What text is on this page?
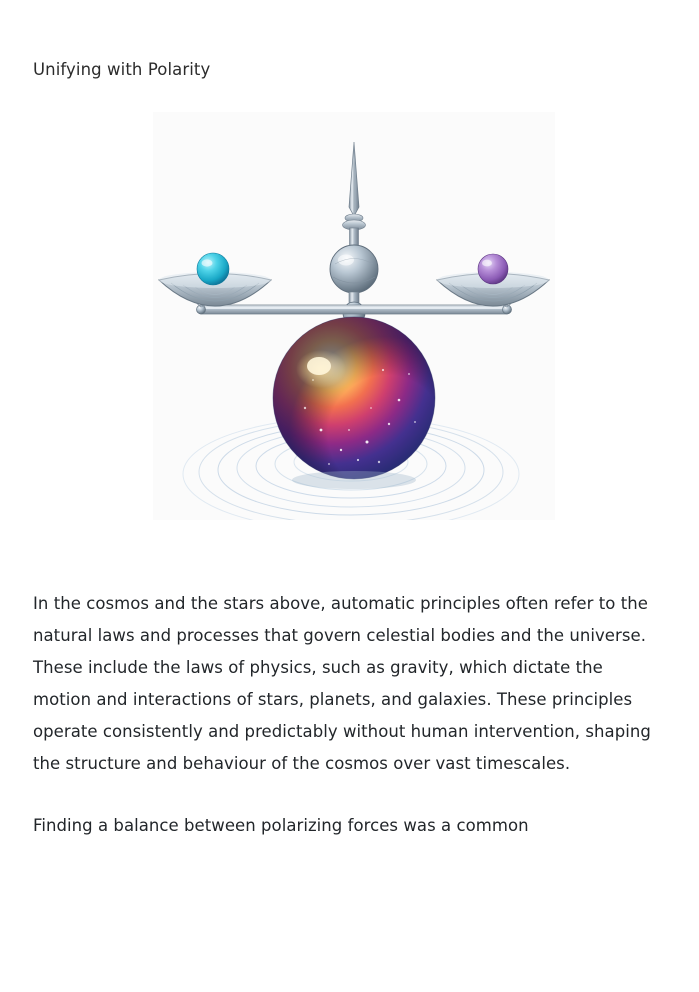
Unifying with Polarity

In the cosmos and the stars above, automatic principles often refer to the natural laws and processes that govern celestial bodies and the universe. These include the laws of physics, such as gravity, which dictate the motion and interactions of stars, planets, and galaxies. These principles operate consistently and predictably without human intervention, shaping the structure and behaviour of the cosmos over vast timescales.

Finding a balance between polarizing forces was a common
